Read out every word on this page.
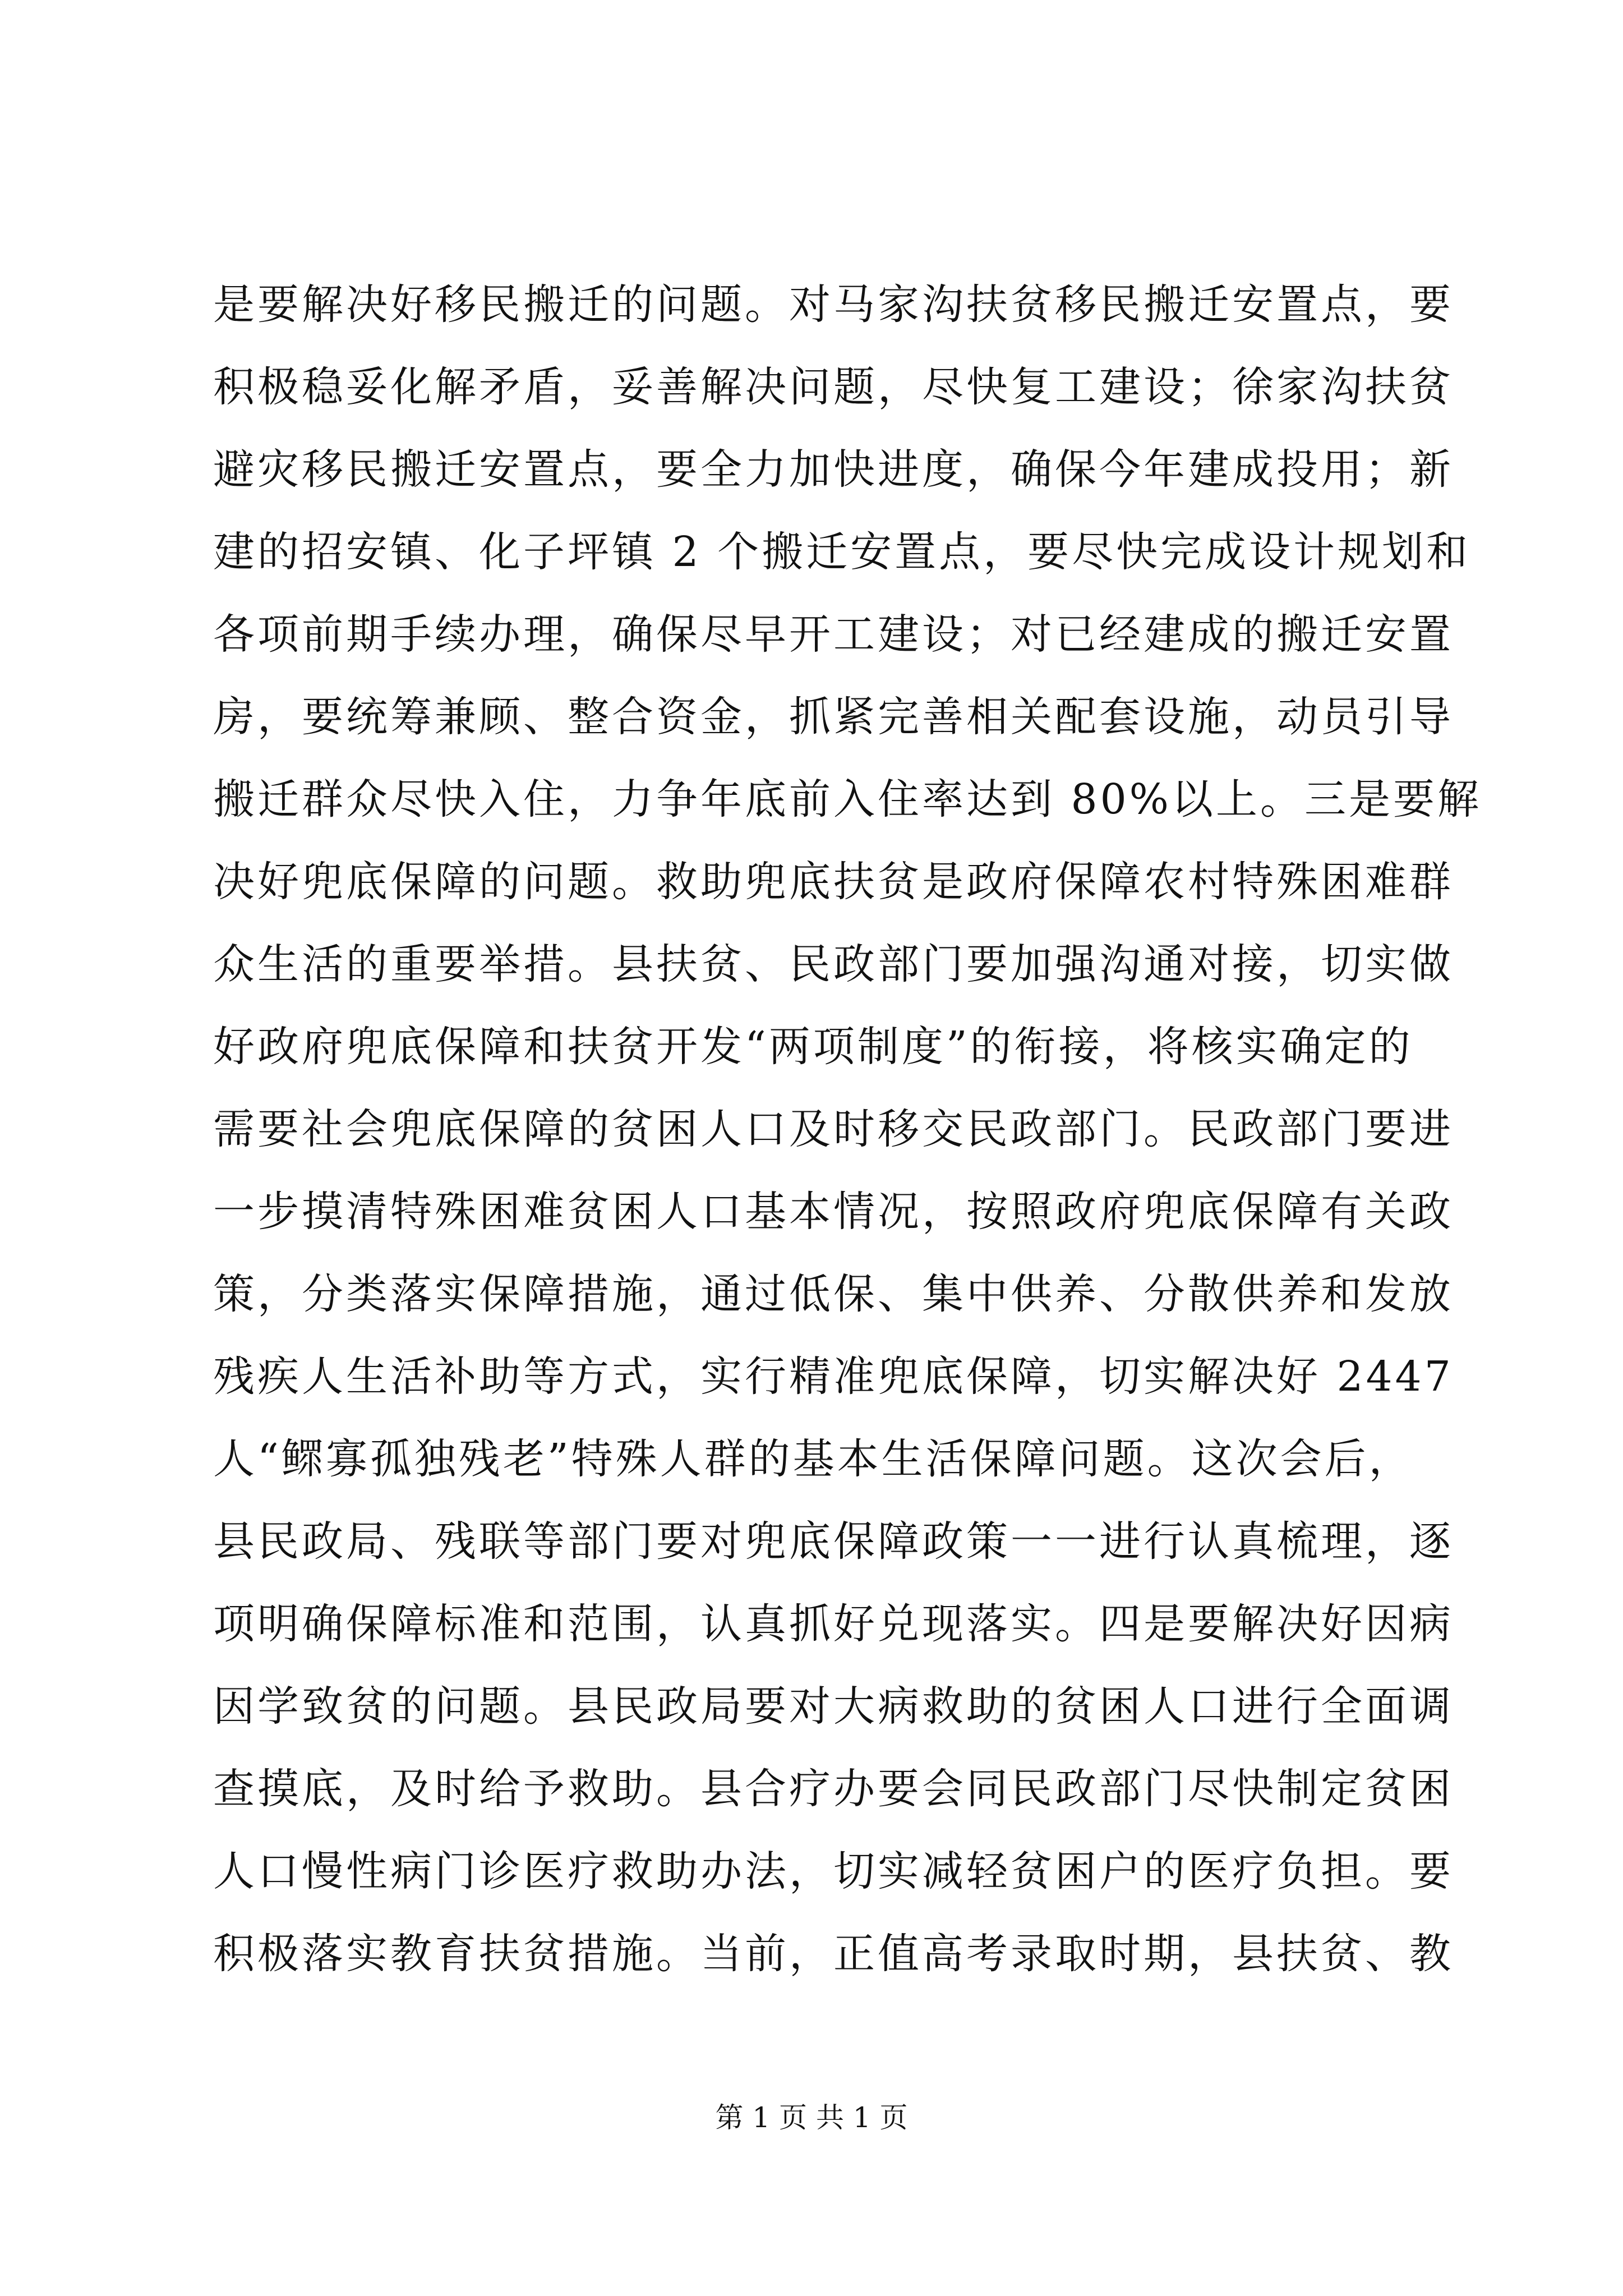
是要解决好移民搬迁的问题。对马家沟扶贫移民搬迁安置点，要
积极稳妥化解矛盾，妥善解决问题，尽快复工建设；徐家沟扶贫
避灾移民搬迁安置点，要全力加快进度，确保今年建成投用；新
建的招安镇、化子坪镇 2 个搬迁安置点，要尽快完成设计规划和
各项前期手续办理，确保尽早开工建设；对已经建成的搬迁安置
房，要统筹兼顾、整合资金，抓紧完善相关配套设施，动员引导
搬迁群众尽快入住，力争年底前入住率达到 80%以上。三是要解
决好兜底保障的问题。救助兜底扶贫是政府保障农村特殊困难群
众生活的重要举措。县扶贫、民政部门要加强沟通对接，切实做
好政府兜底保障和扶贫开发“两项制度”的衔接，将核实确定的
需要社会兜底保障的贫困人口及时移交民政部门。民政部门要进
一步摸清特殊困难贫困人口基本情况，按照政府兜底保障有关政
策，分类落实保障措施，通过低保、集中供养、分散供养和发放
残疾人生活补助等方式，实行精准兜底保障，切实解决好 2447
人“鳏寡孤独残老”特殊人群的基本生活保障问题。这次会后，
县民政局、残联等部门要对兜底保障政策一一进行认真梳理，逐
项明确保障标准和范围，认真抓好兑现落实。四是要解决好因病
因学致贫的问题。县民政局要对大病救助的贫困人口进行全面调
查摸底，及时给予救助。县合疗办要会同民政部门尽快制定贫困
人口慢性病门诊医疗救助办法，切实减轻贫困户的医疗负担。要
积极落实教育扶贫措施。当前，正值高考录取时期，县扶贫、教
第 1 页 共 1 页
